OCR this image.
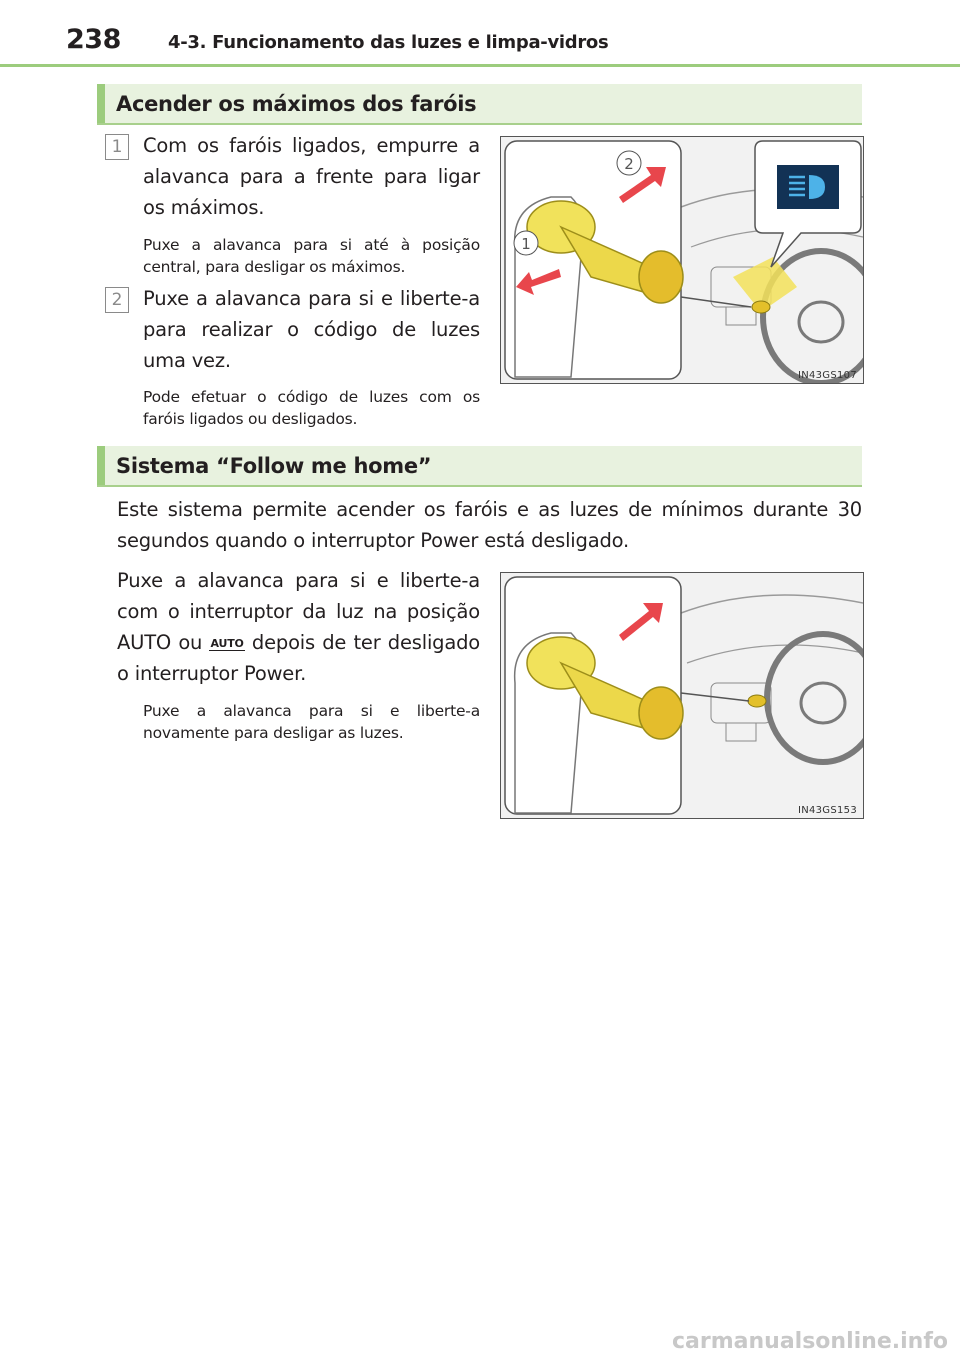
238	4-3. Funcionamento das luzes e limpa-vidros
Acender os máximos dos faróis
1	Com os faróis ligados, empurre a alavanca para a frente para ligar os máximos.
Puxe a alavanca para si até à posição central, para desligar os máximos.
2	Puxe a alavanca para si e liberte-a para realizar o código de luzes uma vez.
Pode efetuar o código de luzes com os faróis ligados ou desligados.
2
1
IN43GS107
Sistema “Follow me home”
Este sistema permite acender os faróis e as luzes de mínimos durante 30 segundos quando o interruptor Power está desligado.
Puxe a alavanca para si e liberte-a com o interruptor da luz na posição AUTO ou AUTO depois de ter desligado o interruptor Power.
Puxe a alavanca para si e liberte-a novamente para desligar as luzes.
IN43GS153
carmanualsonline.info
